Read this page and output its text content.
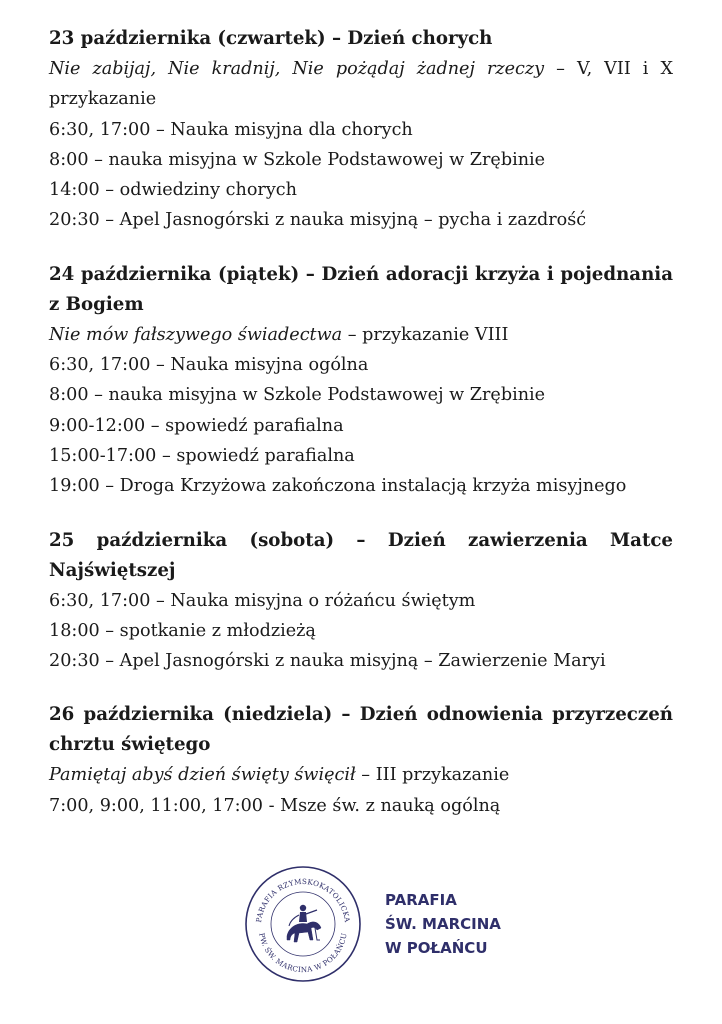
23 października (czwartek) – Dzień chorych

Nie zabijaj, Nie kradnij, Nie pożądaj żadnej rzeczy – V, VII i X przykazanie

6:30, 17:00 – Nauka misyjna dla chorych

8:00 – nauka misyjna w Szkole Podstawowej w Zrębinie

14:00 – odwiedziny chorych

20:30 – Apel Jasnogórski z nauka misyjną – pycha i zazdrość

24 października (piątek) – Dzień adoracji krzyża i pojednania z Bogiem

Nie mów fałszywego świadectwa – przykazanie VIII

6:30, 17:00 – Nauka misyjna ogólna

8:00 – nauka misyjna w Szkole Podstawowej w Zrębinie

9:00-12:00 – spowiedź parafialna

15:00-17:00 – spowiedź parafialna

19:00 – Droga Krzyżowa zakończona instalacją krzyża misyjnego

25 października (sobota) – Dzień zawierzenia Matce Najświętszej

6:30, 17:00 – Nauka misyjna o różańcu świętym

18:00 – spotkanie z młodzieżą

20:30 – Apel Jasnogórski z nauka misyjną – Zawierzenie Maryi

26 października (niedziela) – Dzień odnowienia przyrzeczeń chrztu świętego

Pamiętaj abyś dzień święty święcił – III przykazanie

7:00, 9:00, 11:00, 17:00 - Msze św. z nauką ogólną

PARAFIA RZYMSKOKATOLICKA
PW. ŚW. MARCINA W POŁAŃCU
PARAFIA
ŚW. MARCINA
W POŁAŃCU
